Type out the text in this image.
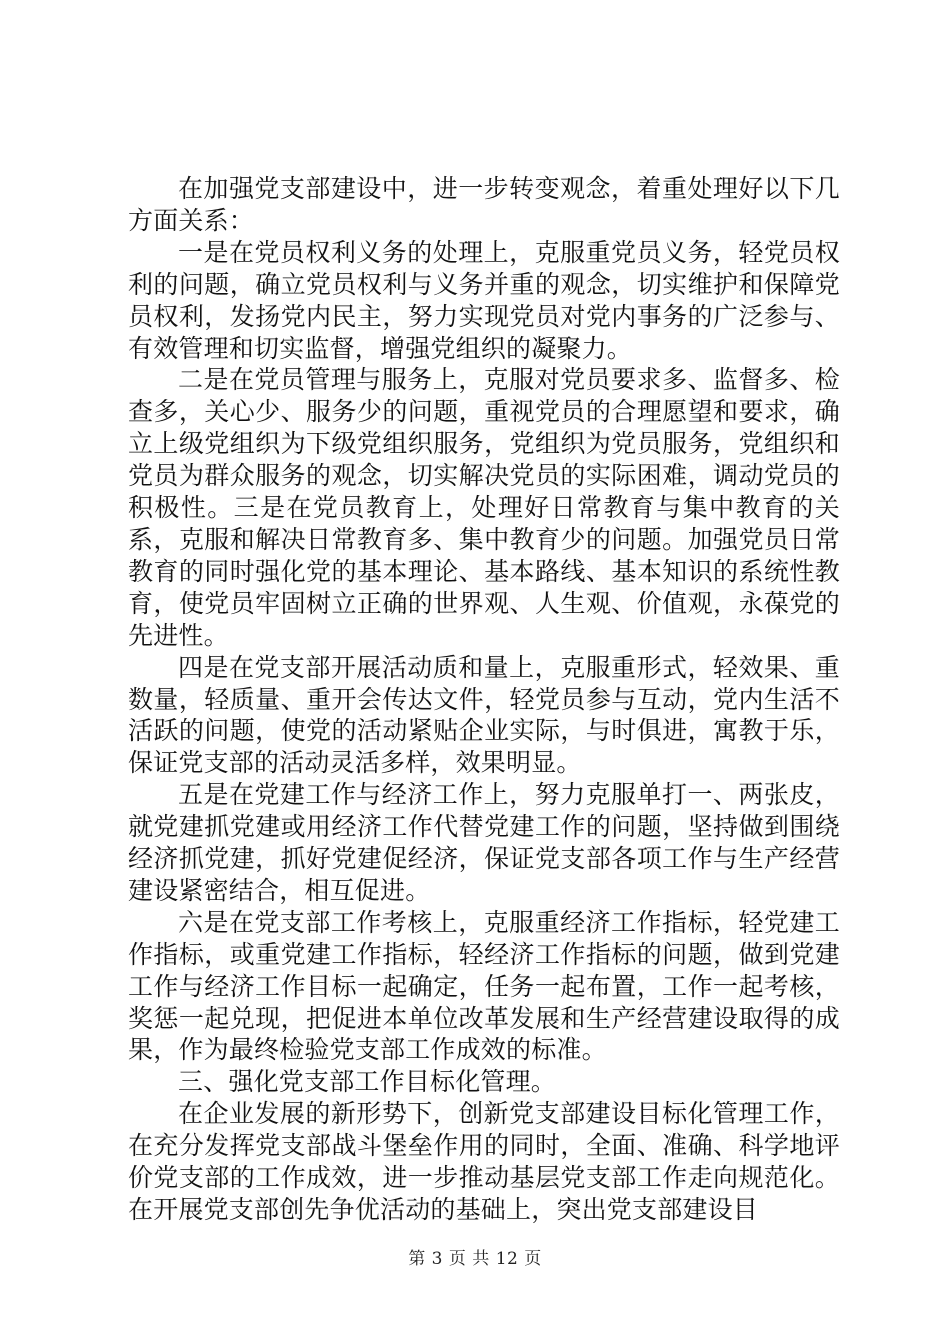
在加强党支部建设中，进一步转变观念，着重处理好以下几方面关系：

一是在党员权利义务的处理上，克服重党员义务，轻党员权利的问题，确立党员权利与义务并重的观念，切实维护和保障党员权利，发扬党内民主，努力实现党员对党内事务的广泛参与、有效管理和切实监督，增强党组织的凝聚力。

二是在党员管理与服务上，克服对党员要求多、监督多、检查多，关心少、服务少的问题，重视党员的合理愿望和要求，确立上级党组织为下级党组织服务，党组织为党员服务，党组织和党员为群众服务的观念，切实解决党员的实际困难，调动党员的积极性。三是在党员教育上，处理好日常教育与集中教育的关系，克服和解决日常教育多、集中教育少的问题。加强党员日常教育的同时强化党的基本理论、基本路线、基本知识的系统性教育，使党员牢固树立正确的世界观、人生观、价值观，永葆党的先进性。

四是在党支部开展活动质和量上，克服重形式，轻效果、重数量，轻质量、重开会传达文件，轻党员参与互动，党内生活不活跃的问题，使党的活动紧贴企业实际，与时俱进，寓教于乐，保证党支部的活动灵活多样，效果明显。

五是在党建工作与经济工作上，努力克服单打一、两张皮，就党建抓党建或用经济工作代替党建工作的问题，坚持做到围绕经济抓党建，抓好党建促经济，保证党支部各项工作与生产经营建设紧密结合，相互促进。

六是在党支部工作考核上，克服重经济工作指标，轻党建工作指标，或重党建工作指标，轻经济工作指标的问题，做到党建工作与经济工作目标一起确定，任务一起布置，工作一起考核，奖惩一起兑现，把促进本单位改革发展和生产经营建设取得的成果，作为最终检验党支部工作成效的标准。

三、强化党支部工作目标化管理。

在企业发展的新形势下，创新党支部建设目标化管理工作，在充分发挥党支部战斗堡垒作用的同时，全面、准确、科学地评价党支部的工作成效，进一步推动基层党支部工作走向规范化。在开展党支部创先争优活动的基础上，突出党支部建设目

第 3 页 共 12 页
